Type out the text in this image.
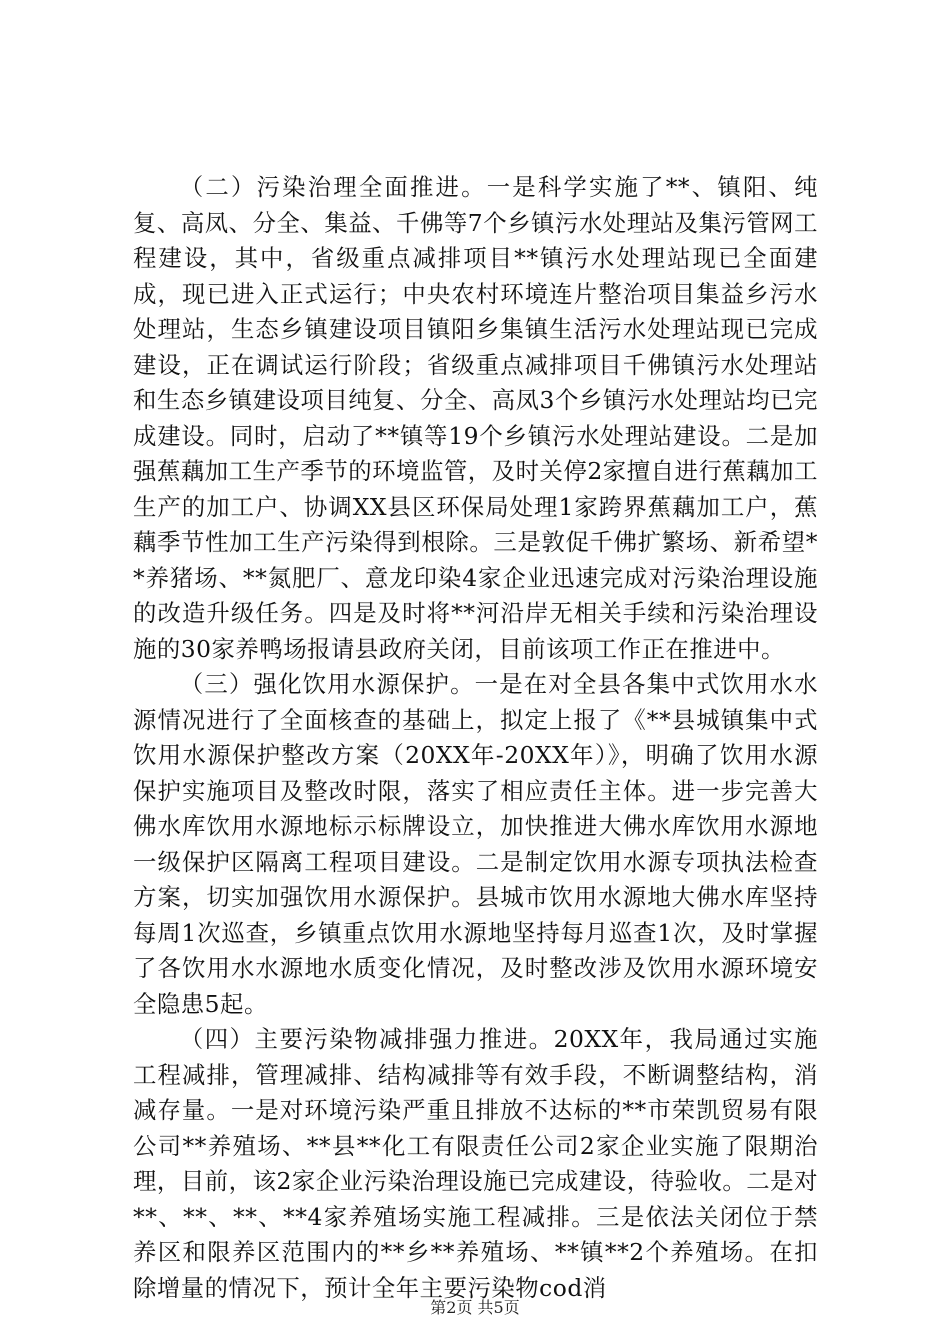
（二）污染治理全面推进。一是科学实施了**、镇阳、纯复、高凤、分全、集益、千佛等7个乡镇污水处理站及集污管网工程建设，其中，省级重点减排项目**镇污水处理站现已全面建成，现已进入正式运行；中央农村环境连片整治项目集益乡污水处理站，生态乡镇建设项目镇阳乡集镇生活污水处理站现已完成建设，正在调试运行阶段；省级重点减排项目千佛镇污水处理站和生态乡镇建设项目纯复、分全、高凤3个乡镇污水处理站均已完成建设。同时，启动了**镇等19个乡镇污水处理站建设。二是加强蕉藕加工生产季节的环境监管，及时关停2家擅自进行蕉藕加工生产的加工户、协调XX县区环保局处理1家跨界蕉藕加工户，蕉藕季节性加工生产污染得到根除。三是敦促千佛扩繁场、新希望**养猪场、**氮肥厂、意龙印染4家企业迅速完成对污染治理设施的改造升级任务。四是及时将**河沿岸无相关手续和污染治理设施的30家养鸭场报请县政府关闭，目前该项工作正在推进中。

（三）强化饮用水源保护。一是在对全县各集中式饮用水水源情况进行了全面核查的基础上，拟定上报了《**县城镇集中式饮用水源保护整改方案（20XX年-20XX年）》，明确了饮用水源保护实施项目及整改时限，落实了相应责任主体。进一步完善大佛水库饮用水源地标示标牌设立，加快推进大佛水库饮用水源地一级保护区隔离工程项目建设。二是制定饮用水源专项执法检查方案，切实加强饮用水源保护。县城市饮用水源地大佛水库坚持每周1次巡查，乡镇重点饮用水源地坚持每月巡查1次，及时掌握了各饮用水水源地水质变化情况，及时整改涉及饮用水源环境安全隐患5起。

（四）主要污染物减排强力推进。20XX年，我局通过实施工程减排，管理减排、结构减排等有效手段，不断调整结构，消减存量。一是对环境污染严重且排放不达标的**市荣凯贸易有限公司**养殖场、**县**化工有限责任公司2家企业实施了限期治理，目前，该2家企业污染治理设施已完成建设，待验收。二是对**、**、**、**4家养殖场实施工程减排。三是依法关闭位于禁养区和限养区范围内的**乡**养殖场、**镇**2个养殖场。在扣除增量的情况下，预计全年主要污染物cod消

第2页 共5页
